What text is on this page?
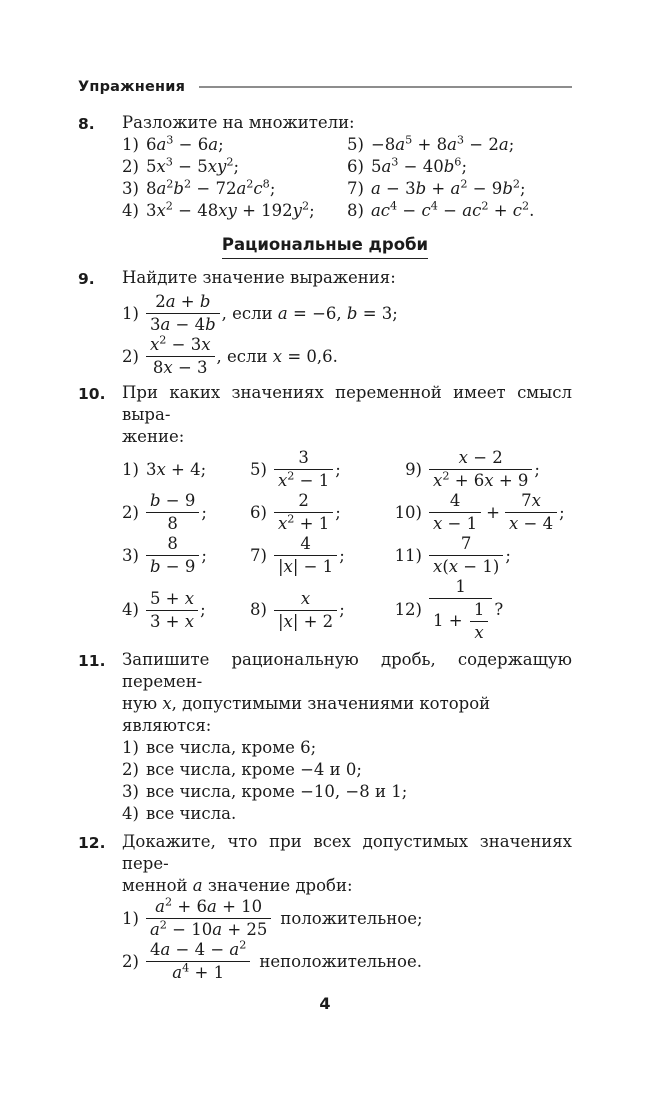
Упражнения
8.	Разложите на множители:
1) $6a^3 - 6a$;
2) $5x^3 - 5xy^2$;
3) $8a^2b^2 - 72a^2c^8$;
4) $3x^2 - 48xy + 192y^2$;
$5) -8a^5 + 8a^3 - 2a$;
6) $5a^3 - 40b^6$;
7) $a - 3b + a^2 - 9b^2$;
8) $ac^4 - c^4 - ac^2 + c^2$.
Рациональные дроби
9.	Найдите значение выражения:
$1) \frac{2a + b}{3a - 4b}$ , если a = −6, b = 3;
$2) \frac{x^2 - 3x}{8x - 3}$ , если x = 0,6.
10.	При каких значениях переменной имеет смысл выра-
жение:
1) 3x + 4;	$5) \frac{3}{x^2 - 1}$ ;	$9) \frac{x - 2}{x^2 + 6x + 9}$ ;
$2) \frac{b - 9}{8}$ ;	$6) \frac{2}{x^2 + 1}$ ;	$10) \frac{4}{x - 1} + \frac{7x}{x - 4}$ ;
$3) \frac{8}{b - 9}$ ;	$7) \frac{4}{|x| - 1}$ ;	$11) \frac{7}{x(x - 1)}$ ;
$4) \frac{5 + x}{3 + x}$ ;	$8) \frac{x}{|x| + 2}$ ;	$12) \frac{1}{1 + \frac{1}{x}}$ ?
11.	Запишите рациональную дробь, содержащую перемен-
ную x, допустимыми значениями которой являются:
1) все числа, кроме 6;
2) все числа, кроме −4 и 0;
3) все числа, кроме −10, −8 и 1;
4) все числа.
12.	Докажите, что при всех допустимых значениях пере-
менной a значение дроби:
$1) \frac{a^2 + 6a + 10}{a^2 - 10a + 25}$ положительное;
$2) \frac{4a - 4 - a^2}{a^4 + 1}$ неположительное.
4
